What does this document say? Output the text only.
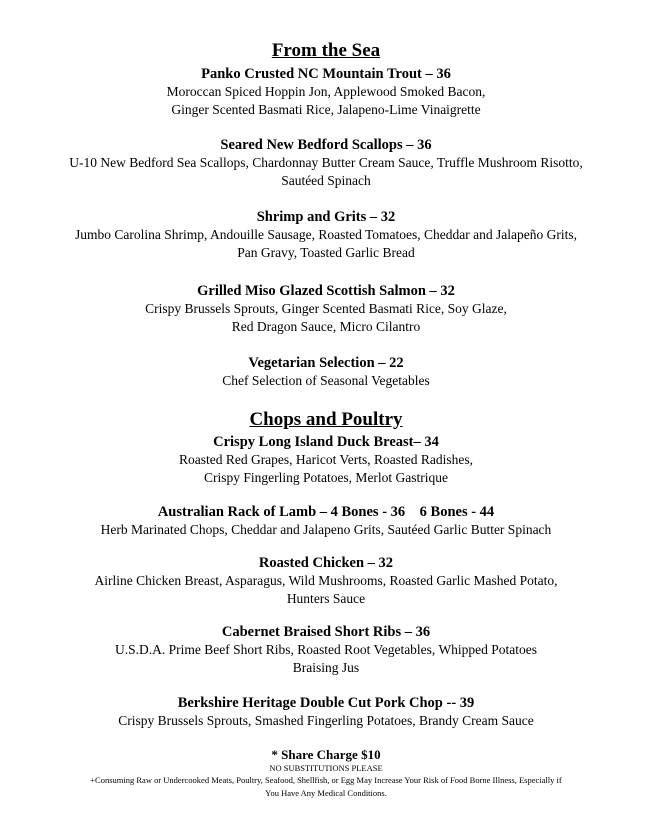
From the Sea
Panko Crusted NC Mountain Trout – 36
Moroccan Spiced Hoppin Jon, Applewood Smoked Bacon,
Ginger Scented Basmati Rice, Jalapeno-Lime Vinaigrette
Seared New Bedford Scallops – 36
U-10 New Bedford Sea Scallops, Chardonnay Butter Cream Sauce, Truffle Mushroom Risotto,
Sautéed Spinach
Shrimp and Grits – 32
Jumbo Carolina Shrimp, Andouille Sausage, Roasted Tomatoes, Cheddar and Jalapeño Grits,
Pan Gravy, Toasted Garlic Bread
Grilled Miso Glazed Scottish Salmon – 32
Crispy Brussels Sprouts, Ginger Scented Basmati Rice, Soy Glaze,
Red Dragon Sauce, Micro Cilantro
Vegetarian Selection – 22
Chef Selection of Seasonal Vegetables
Chops and Poultry
Crispy Long Island Duck Breast– 34
Roasted Red Grapes, Haricot Verts, Roasted Radishes,
Crispy Fingerling Potatoes, Merlot Gastrique
Australian Rack of Lamb – 4 Bones - 36    6 Bones - 44
Herb Marinated Chops, Cheddar and Jalapeno Grits, Sautéed Garlic Butter Spinach
Roasted Chicken – 32
Airline Chicken Breast, Asparagus, Wild Mushrooms, Roasted Garlic Mashed Potato,
Hunters Sauce
Cabernet Braised Short Ribs – 36
U.S.D.A. Prime Beef Short Ribs, Roasted Root Vegetables, Whipped Potatoes
Braising Jus
Berkshire Heritage Double Cut Pork Chop -- 39
Crispy Brussels Sprouts, Smashed Fingerling Potatoes, Brandy Cream Sauce
* Share Charge $10
NO SUBSTITUTIONS PLEASE
+Consuming Raw or Undercooked Meats, Poultry, Seafood, Shellfish, or Egg May Increase Your Risk of Food Borne Illness, Especially if
You Have Any Medical Conditions.
